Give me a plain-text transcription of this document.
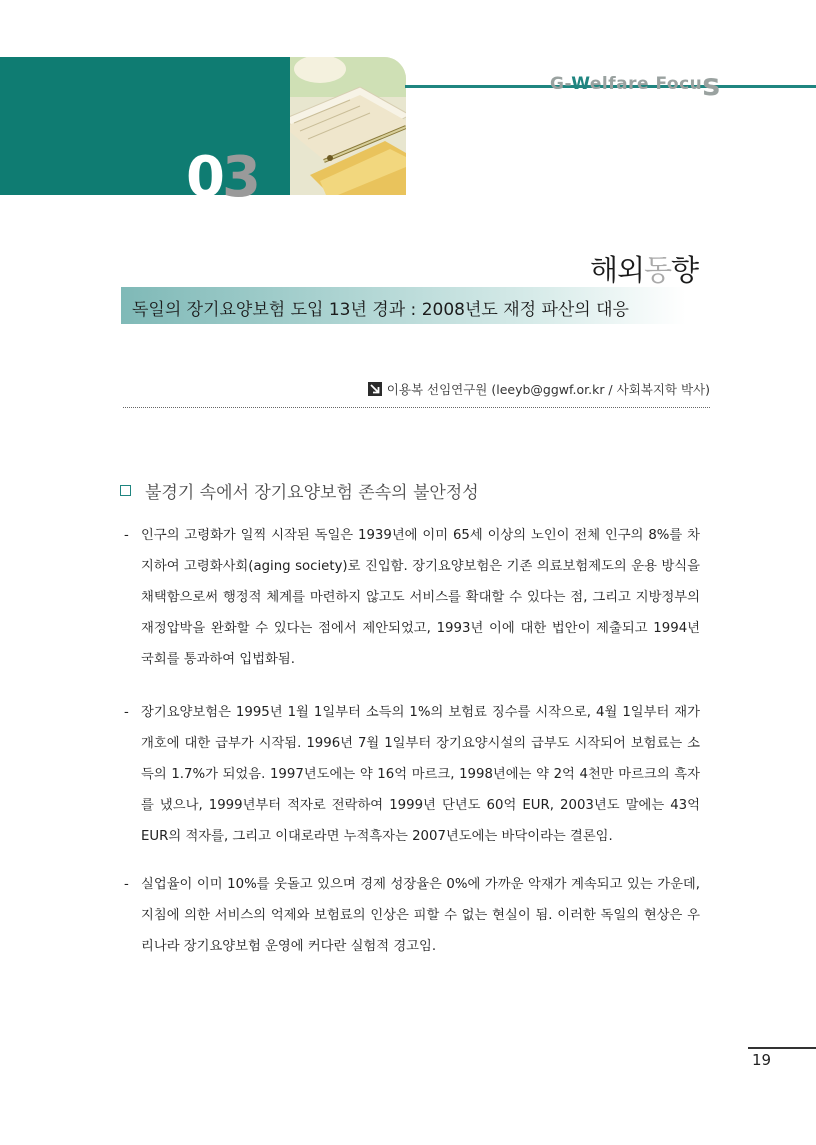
G-Welfare Focus
03
해외동향
독일의 장기요양보험 도입 13년 경과 : 2008년도 재정 파산의 대응
이용복 선임연구원 (leeyb@ggwf.or.kr / 사회복지학 박사)
불경기 속에서 장기요양보험 존속의 불안정성
- 인구의 고령화가 일찍 시작된 독일은 1939년에 이미 65세 이상의 노인이 전체 인구의 8%를 차지하여 고령화사회(aging society)로 진입함. 장기요양보험은 기존 의료보험제도의 운용 방식을 채택함으로써 행정적 체계를 마련하지 않고도 서비스를 확대할 수 있다는 점, 그리고 지방정부의 재정압박을 완화할 수 있다는 점에서 제안되었고, 1993년 이에 대한 법안이 제출되고 1994년 국회를 통과하여 입법화됨.
- 장기요양보험은 1995년 1월 1일부터 소득의 1%의 보험료 징수를 시작으로, 4월 1일부터 재가개호에 대한 급부가 시작됨. 1996년 7월 1일부터 장기요양시설의 급부도 시작되어 보험료는 소득의 1.7%가 되었음. 1997년도에는 약 16억 마르크, 1998년에는 약 2억 4천만 마르크의 흑자를 냈으나, 1999년부터 적자로 전락하여 1999년 단년도 60억 EUR, 2003년도 말에는 43억 EUR의 적자를, 그리고 이대로라면 누적흑자는 2007년도에는 바닥이라는 결론임.
- 실업율이 이미 10%를 웃돌고 있으며 경제 성장율은 0%에 가까운 악재가 계속되고 있는 가운데, 지침에 의한 서비스의 억제와 보험료의 인상은 피할 수 없는 현실이 됨. 이러한 독일의 현상은 우리나라 장기요양보험 운영에 커다란 실험적 경고임.
19
